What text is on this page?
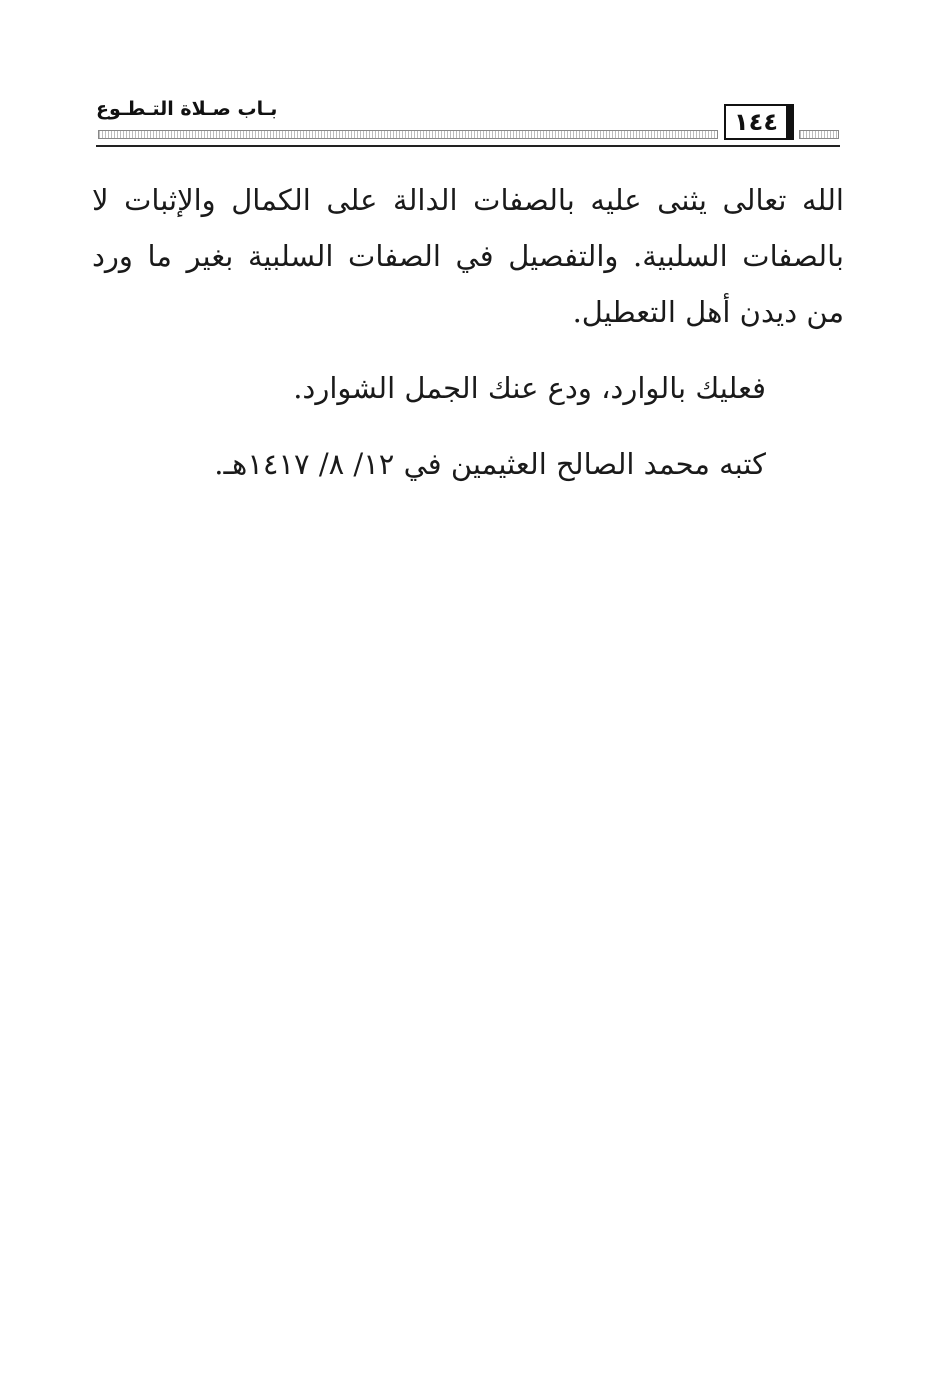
بـاب صـلاة التـطـوع	١٤٤

الله تعالى يثنى عليه بالصفات الدالة على الكمال والإثبات لا بالصفات السلبية. والتفصيل في الصفات السلبية بغير ما ورد من ديدن أهل التعطيل.

فعليك بالوارد، ودع عنك الجمل الشوارد.

كتبه محمد الصالح العثيمين في ١٢/ ٨/ ١٤١٧هـ.
